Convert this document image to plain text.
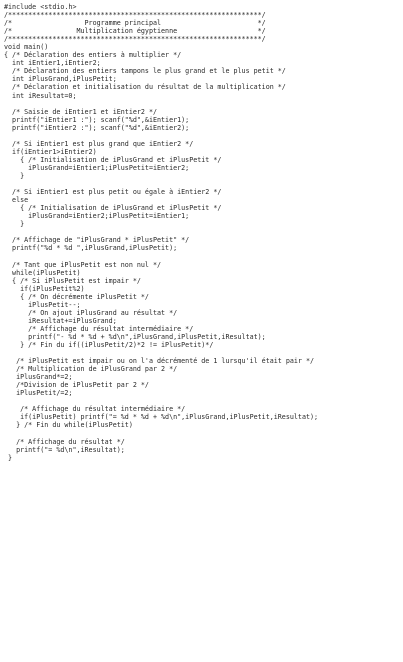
#include <stdio.h>
/***************************************************************/
/*                  Programme principal                        */
/*                Multiplication égyptienne                    */
/***************************************************************/
void main()
{ /* Déclaration des entiers à multiplier */
int iEntier1,iEntier2;
/* Déclaration des entiers tampons le plus grand et le plus petit */
int iPlusGrand,iPlusPetit;
/* Déclaration et initialisation du résultat de la multiplication */
int iResultat=0;
/* Saisie de iEntier1 et iEntier2 */
printf("iEntier1 :"); scanf("%d",&iEntier1);
printf("iEntier2 :"); scanf("%d",&iEntier2);
/* Si iEntier1 est plus grand que iEntier2 */
if(iEntier1>iEntier2)
{ /* Initialisation de iPlusGrand et iPlusPetit */
iPlusGrand=iEntier1;iPlusPetit=iEntier2;
}
/* Si iEntier1 est plus petit ou égale à iEntier2 */
else
{ /* Initialisation de iPlusGrand et iPlusPetit */
iPlusGrand=iEntier2;iPlusPetit=iEntier1;
}
/* Affichage de "iPlusGrand * iPlusPetit" */
printf("%d * %d ",iPlusGrand,iPlusPetit);
/* Tant que iPlusPetit est non nul */
while(iPlusPetit)
{ /* Si iPlusPetit est impair */
if(iPlusPetit%2)
{ /* On décrémente iPlusPetit */
iPlusPetit--;
/* On ajout iPlusGrand au résultat */
iResultat+=iPlusGrand;
/* Affichage du résultat intermédiaire */
printf("- %d * %d + %d\n",iPlusGrand,iPlusPetit,iResultat);
} /* Fin du if((iPlusPetit/2)*2 != iPlusPetit)*/
/* iPlusPetit est impair ou on l'a décrémenté de 1 lursqu'il était pair */
/* Multiplication de iPlusGrand par 2 */
iPlusGrand*=2;
/*Division de iPlusPetit par 2 */
iPlusPetit/=2;
/* Affichage du résultat intermédiaire */
if(iPlusPetit) printf("= %d * %d + %d\n",iPlusGrand,iPlusPetit,iResultat);
} /* Fin du while(iPlusPetit)
/* Affichage du résultat */
printf("= %d\n",iResultat);
}
